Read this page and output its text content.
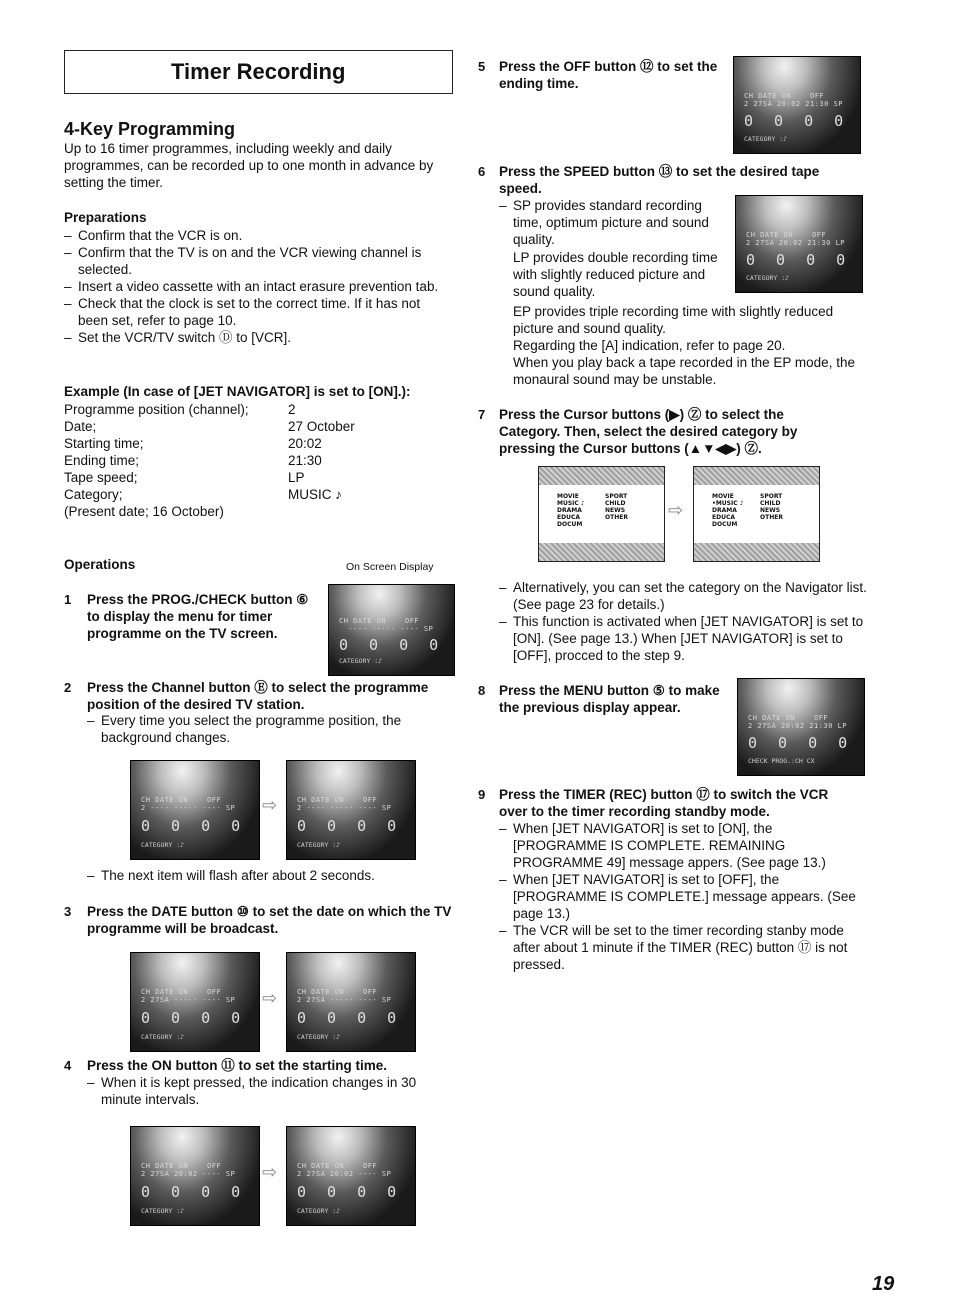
Timer Recording
4-Key Programming
Up to 16 timer programmes, including weekly and daily programmes, can be recorded up to one month in advance by setting the timer.
Preparations
– Confirm that the VCR is on.
– Confirm that the TV is on and the VCR viewing channel is selected.
– Insert a video cassette with an intact erasure prevention tab.
– Check that the clock is set to the correct time. If it has not been set, refer to page 10.
– Set the VCR/TV switch Ⓓ to [VCR].
Example (In case of [JET NAVIGATOR] is set to [ON].):
Programme position (channel);	2
Date;	27 October
Starting time;	20:02
Ending time;	21:30
Tape speed;	LP
Category;	MUSIC ♪
(Present date; 16 October)
Operations	On Screen Display
1 Press the PROG./CHECK button ⑥ to display the menu for timer programme on the TV screen.
CH DATE ON    OFF
---- ----- ---- SP
0 0 0 0
CATEGORY :♪
2 Press the Channel button Ⓔ to select the programme position of the desired TV station.
– Every time you select the programme position, the background changes.
CH DATE ON    OFF
2 ---- ----- ---- SP
0 0 0 0
CATEGORY :♪
⇨	CH DATE ON    OFF
2 ---- ----- ---- SP
0 0 0 0
CATEGORY :♪
– The next item will flash after about 2 seconds.
3 Press the DATE button ⑩ to set the date on which the TV programme will be broadcast.
CH DATE ON    OFF
2 27SA ----- ---- SP
0 0 0 0
CATEGORY :♪
⇨	CH DATE ON    OFF
2 27SA ----- ---- SP
0 0 0 0
CATEGORY :♪
4 Press the ON button ⑪ to set the starting time.
– When it is kept pressed, the indication changes in 30 minute intervals.
CH DATE ON    OFF
2 27SA 20:02 ---- SP
0 0 0 0
CATEGORY :♪
⇨	CH DATE ON    OFF
2 27SA 20:02 ---- SP
0 0 0 0
CATEGORY :♪
5 Press the OFF button ⑫ to set the ending time.
CH DATE ON    OFF
2 27SA 20:02 21:30 SP
0 0 0 0
CATEGORY :♪
6 Press the SPEED button ⑬ to set the desired tape speed.
– SP provides standard recording time, optimum picture and sound quality.
LP provides double recording time with slightly reduced picture and sound quality.
EP provides triple recording time with slightly reduced picture and sound quality.
Regarding the [A] indication, refer to page 20.
When you play back a tape recorded in the EP mode, the monaural sound may be unstable.
CH DATE ON    OFF
2 27SA 20:02 21:30 LP
0 0 0 0
CATEGORY :♪
7 Press the Cursor buttons (▶) Ⓩ to select the Category. Then, select the desired category by pressing the Cursor buttons (▲▼◀▶) Ⓩ.
MOVIE	SPORT
MUSIC ♪	CHILD
DRAMA	NEWS
EDUCA	OTHER
DOCUM
⇨
MOVIE	SPORT
•MUSIC ♪	CHILD
DRAMA	NEWS
EDUCA	OTHER
DOCUM
– Alternatively, you can set the category on the Navigator list. (See page 23 for details.)
– This function is activated when [JET NAVIGATOR] is set to [ON]. (See page 13.) When [JET NAVIGATOR] is set to [OFF], procced to the step 9.
8 Press the MENU button ⑤ to make the previous display appear.
CH DATE ON    OFF
2 27SA 20:02 21:30 LP
0 0 0 0
CHECK PROG.:CH CX
9 Press the TIMER (REC) button ⑰ to switch the VCR over to the timer recording standby mode.
– When [JET NAVIGATOR] is set to [ON], the [PROGRAMME IS COMPLETE. REMAINING PROGRAMME 49] message appers. (See page 13.)
– When [JET NAVIGATOR] is set to [OFF], the [PROGRAMME IS COMPLETE.] message appears. (See page 13.)
– The VCR will be set to the timer recording stanby mode after about 1 minute if the TIMER (REC) button ⑰ is not pressed.
19
